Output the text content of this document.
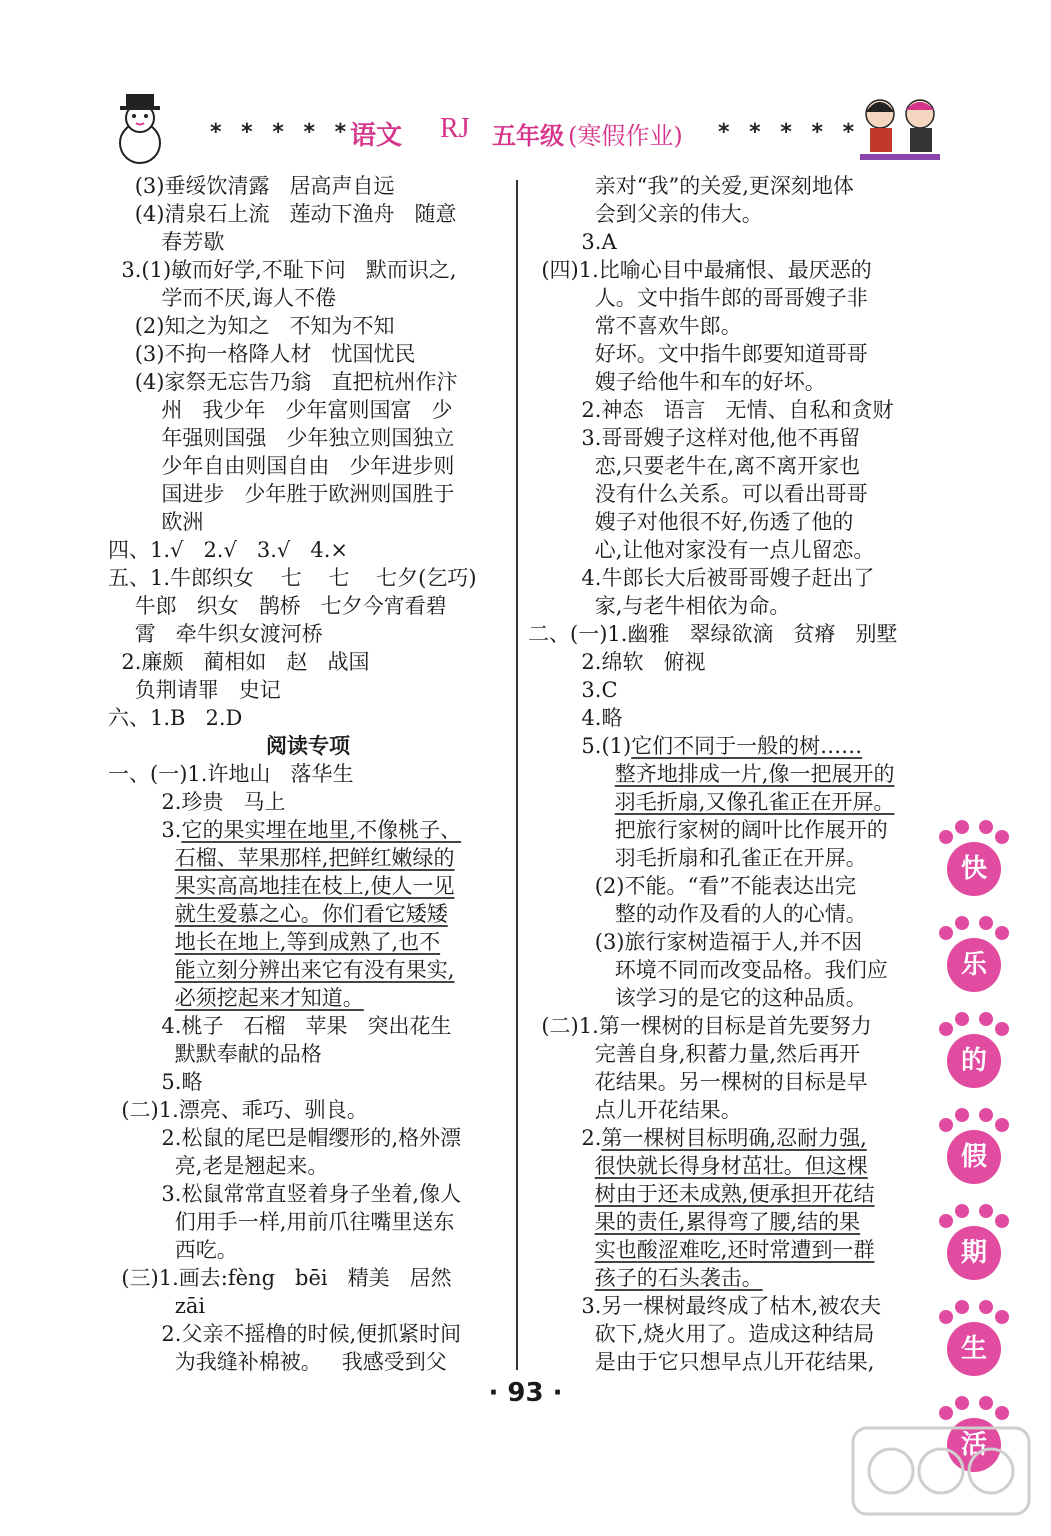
* * * * *
语文 RJ 五年级 (寒假作业) * * * * *
(3)垂绥饮清露   居高声自远
(4)清泉石上流   莲动下渔舟   随意
春芳歇
3.(1)敏而好学,不耻下问   默而识之,
学而不厌,诲人不倦
(2)知之为知之   不知为不知
(3)不拘一格降人材   忧国忧民
(4)家祭无忘告乃翁   直把杭州作汴
州   我少年   少年富则国富   少
年强则国强   少年独立则国独立
少年自由则国自由   少年进步则
国进步   少年胜于欧洲则国胜于
欧洲
四、1.√   2.√   3.√   4.×
五、1.牛郎织女    七    七    七夕(乞巧)
牛郎   织女   鹊桥   七夕今宵看碧
霄   牵牛织女渡河桥
2.廉颇   蔺相如   赵   战国
负荆请罪   史记
六、1.B   2.D
阅读专项
一、(一)1.许地山   落华生
2.珍贵   马上
3.它的果实埋在地里,不像桃子、
石榴、苹果那样,把鲜红嫩绿的
果实高高地挂在枝上,使人一见
就生爱慕之心。你们看它矮矮
地长在地上,等到成熟了,也不
能立刻分辨出来它有没有果实,
必须挖起来才知道。
4.桃子   石榴   苹果   突出花生
默默奉献的品格
5.略
(二)1.漂亮、乖巧、驯良。
2.松鼠的尾巴是帽缨形的,格外漂
亮,老是翘起来。
3.松鼠常常直竖着身子坐着,像人
们用手一样,用前爪往嘴里送东
西吃。
(三)1.画去:fèng   bēi   精美   居然
zāi
2.父亲不摇橹的时候,便抓紧时间
为我缝补棉被。   我感受到父
亲对“我”的关爱,更深刻地体
会到父亲的伟大。
3.A
(四)1.比喻心目中最痛恨、最厌恶的
人。文中指牛郎的哥哥嫂子非
常不喜欢牛郎。
好坏。文中指牛郎要知道哥哥
嫂子给他牛和车的好坏。
2.神态   语言   无情、自私和贪财
3.哥哥嫂子这样对他,他不再留
恋,只要老牛在,离不离开家也
没有什么关系。可以看出哥哥
嫂子对他很不好,伤透了他的
心,让他对家没有一点儿留恋。
4.牛郎长大后被哥哥嫂子赶出了
家,与老牛相依为命。
二、(一)1.幽雅   翠绿欲滴   贫瘠   别墅
2.绵软   俯视
3.C
4.略
5.(1)它们不同于一般的树……
整齐地排成一片,像一把展开的
羽毛折扇,又像孔雀正在开屏。
把旅行家树的阔叶比作展开的
羽毛折扇和孔雀正在开屏。
(2)不能。“看”不能表达出完
整的动作及看的人的心情。
(3)旅行家树造福于人,并不因
环境不同而改变品格。我们应
该学习的是它的这种品质。
(二)1.第一棵树的目标是首先要努力
完善自身,积蓄力量,然后再开
花结果。另一棵树的目标是早
点儿开花结果。
2.第一棵树目标明确,忍耐力强,
很快就长得身材茁壮。但这棵
树由于还未成熟,便承担开花结
果的责任,累得弯了腰,结的果
实也酸涩难吃,还时常遭到一群
孩子的石头袭击。
3.另一棵树最终成了枯木,被农夫
砍下,烧火用了。造成这种结局
是由于它只想早点儿开花结果,
快
乐
的
假
期
生
活
· 93 ·
